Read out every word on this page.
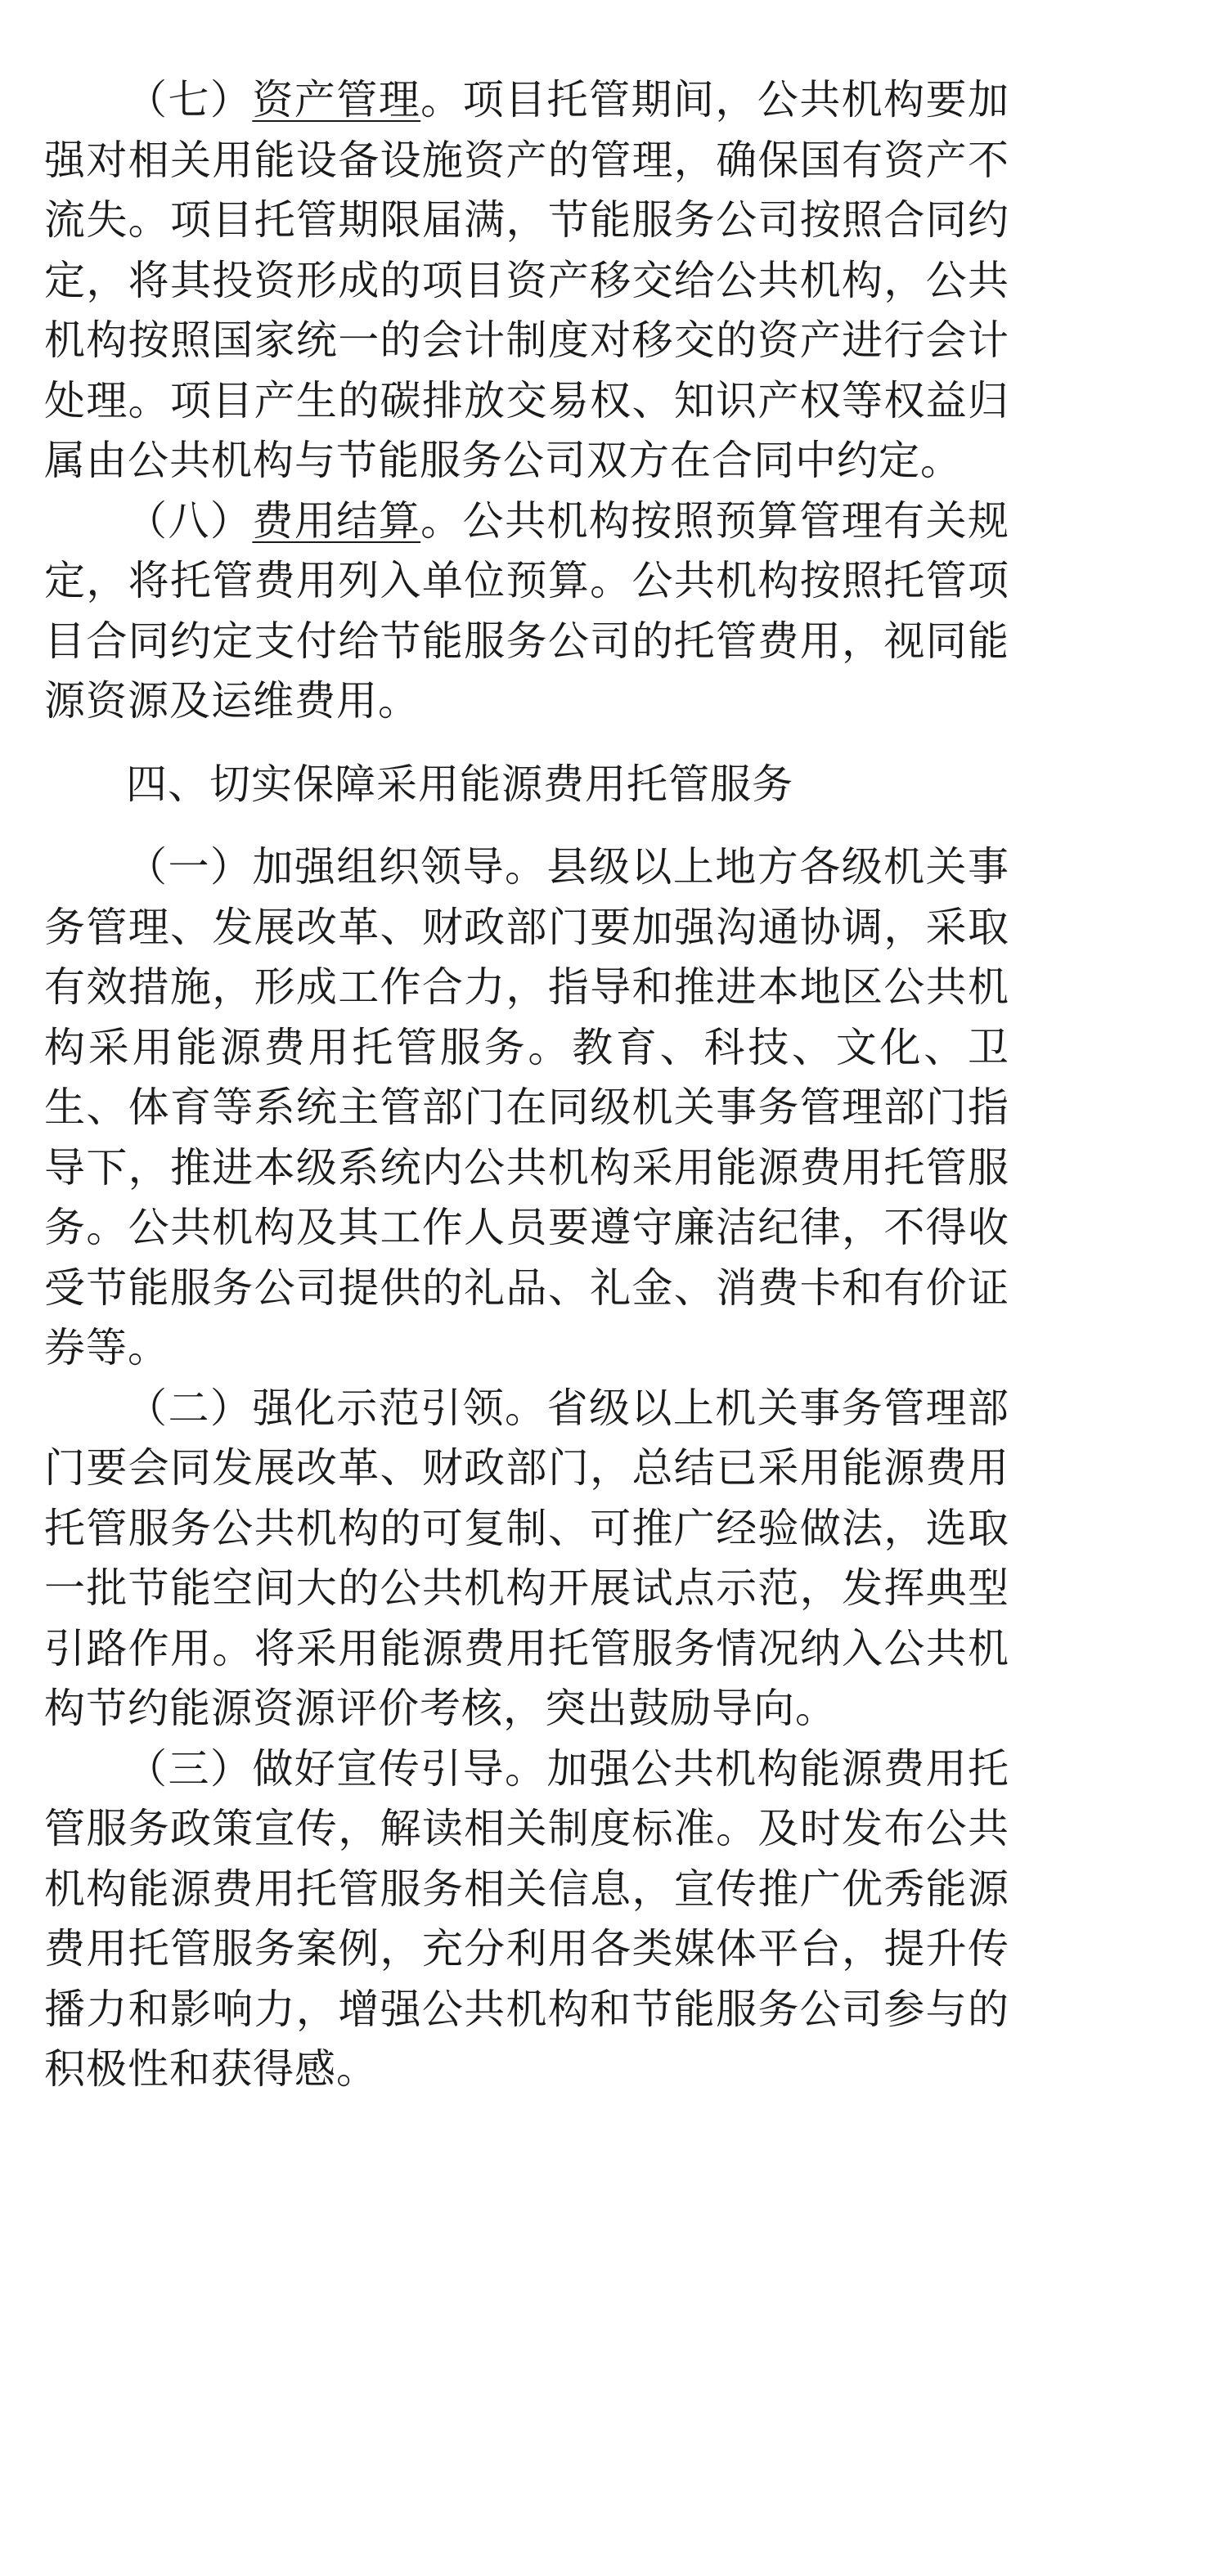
（七）资产管理。项目托管期间，公共机构要加强对相关用能设备设施资产的管理，确保国有资产不流失。项目托管期限届满，节能服务公司按照合同约定，将其投资形成的项目资产移交给公共机构，公共机构按照国家统一的会计制度对移交的资产进行会计处理。项目产生的碳排放交易权、知识产权等权益归属由公共机构与节能服务公司双方在合同中约定。

（八）费用结算。公共机构按照预算管理有关规定，将托管费用列入单位预算。公共机构按照托管项目合同约定支付给节能服务公司的托管费用，视同能源资源及运维费用。

四、切实保障采用能源费用托管服务

（一）加强组织领导。县级以上地方各级机关事务管理、发展改革、财政部门要加强沟通协调，采取有效措施，形成工作合力，指导和推进本地区公共机构采用能源费用托管服务。教育、科技、文化、卫生、体育等系统主管部门在同级机关事务管理部门指导下，推进本级系统内公共机构采用能源费用托管服务。公共机构及其工作人员要遵守廉洁纪律，不得收受节能服务公司提供的礼品、礼金、消费卡和有价证券等。

（二）强化示范引领。省级以上机关事务管理部门要会同发展改革、财政部门，总结已采用能源费用托管服务公共机构的可复制、可推广经验做法，选取一批节能空间大的公共机构开展试点示范，发挥典型引路作用。将采用能源费用托管服务情况纳入公共机构节约能源资源评价考核，突出鼓励导向。

（三）做好宣传引导。加强公共机构能源费用托管服务政策宣传，解读相关制度标准。及时发布公共机构能源费用托管服务相关信息，宣传推广优秀能源费用托管服务案例，充分利用各类媒体平台，提升传播力和影响力，增强公共机构和节能服务公司参与的积极性和获得感。
